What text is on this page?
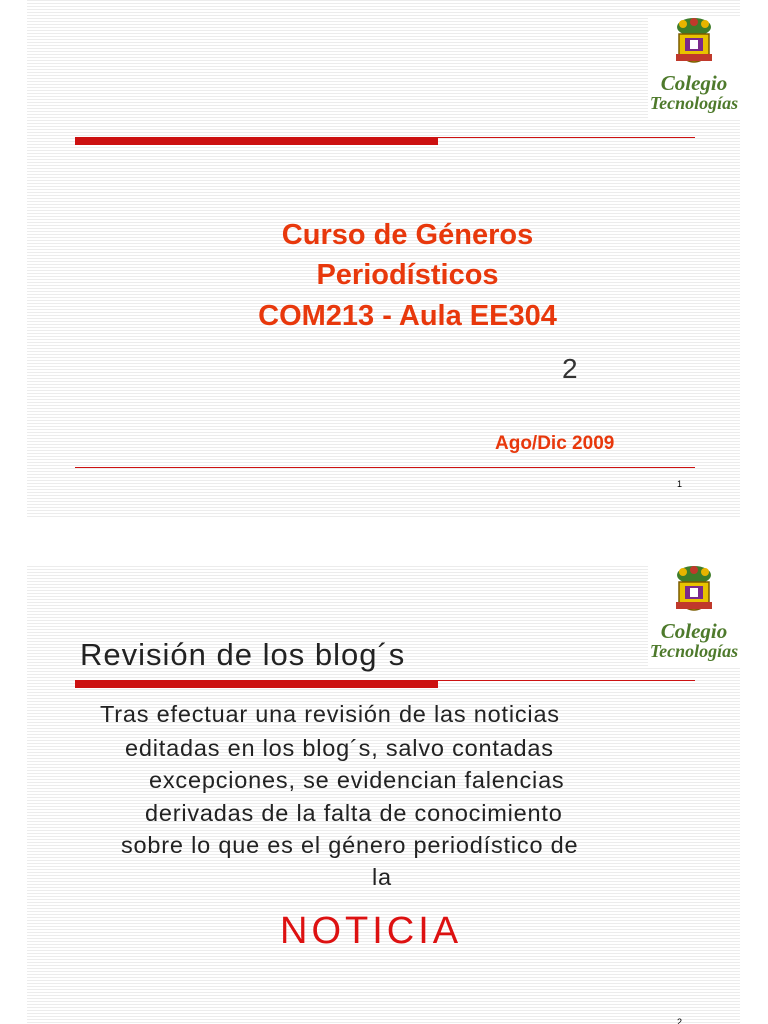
Colegio
Tecnologías
Curso de Géneros
Periodísticos
COM213 - Aula EE304
2
Ago/Dic 2009
1
Colegio
Tecnologías
Revisión de los blog´s
Tras efectuar una revisión de las noticias
editadas en los blog´s, salvo contadas
excepciones, se evidencian falencias
derivadas de la falta de conocimiento
sobre lo que es el género periodístico de
la
NOTICIA
2
